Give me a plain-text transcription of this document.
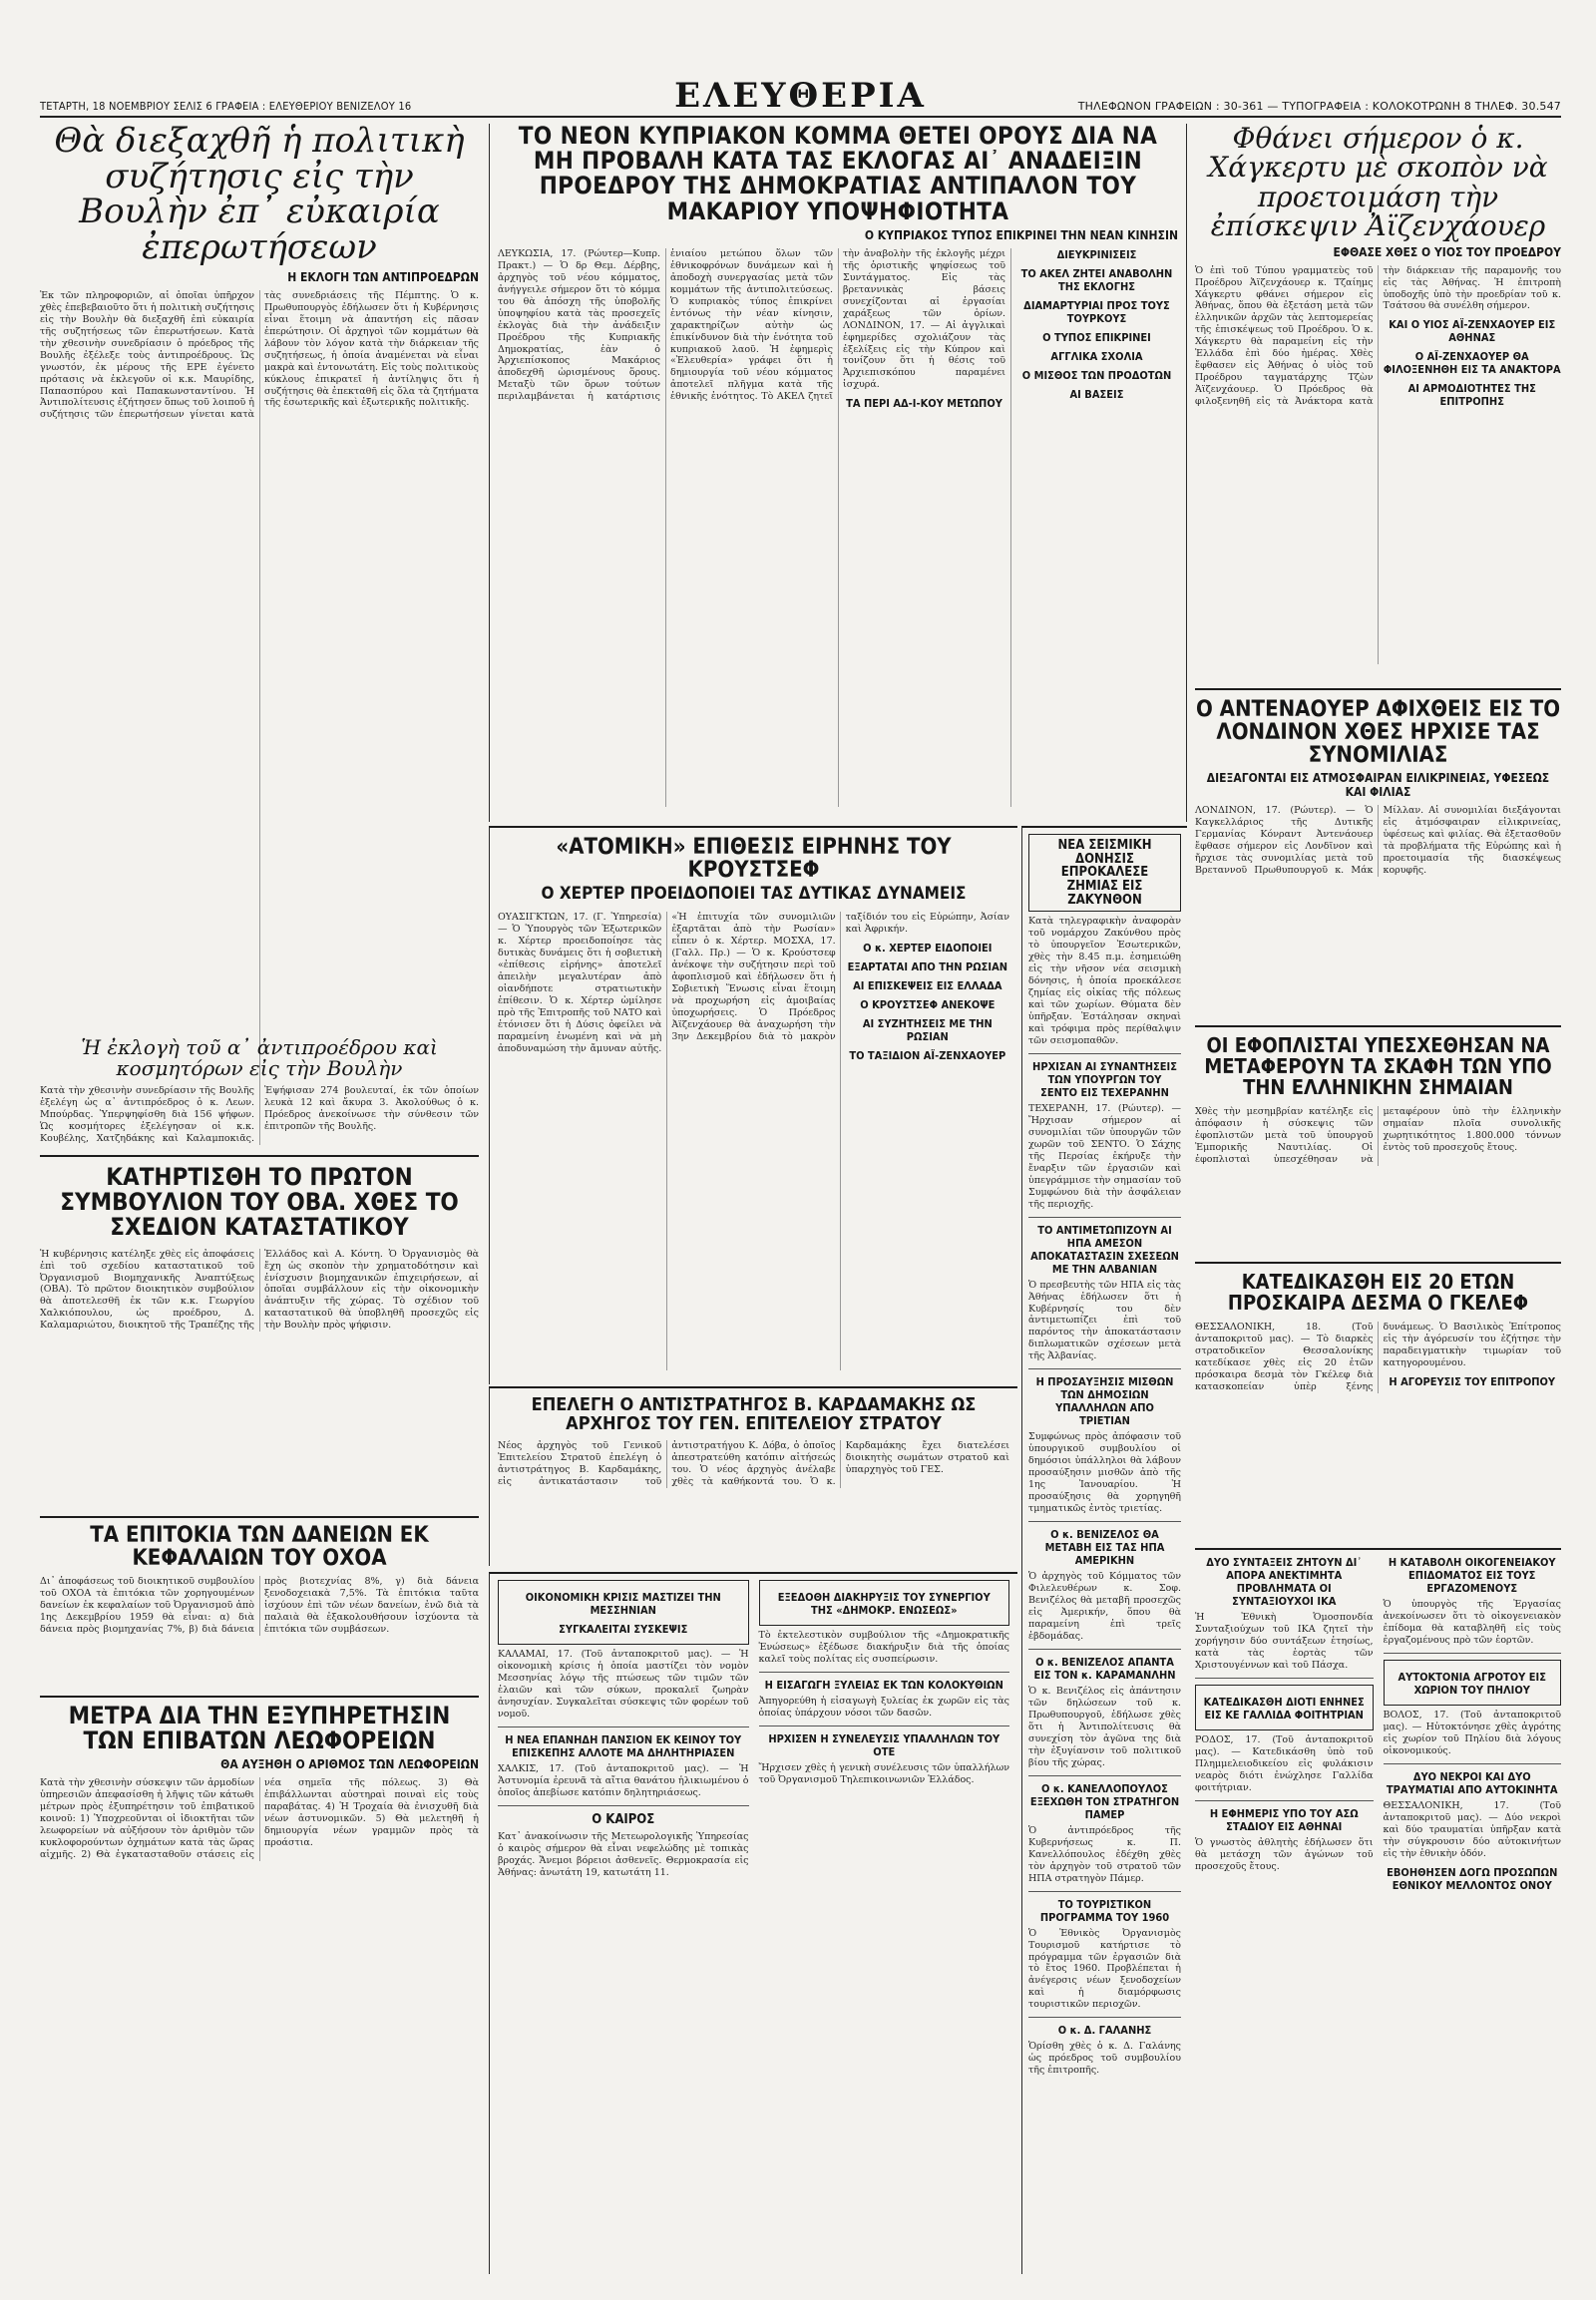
ΤΕΤΑΡΤΗ, 18 ΝΟΕΜΒΡΙΟΥ ΣΕΛΙΣ 6 ΓΡΑΦΕΙΑ : ΕΛΕΥΘΕΡΙΟΥ ΒΕΝΙΖΕΛΟΥ 16	ΕΛΕΥΘΕΡΙΑ	ΤΗΛΕΦΩΝΟΝ ΓΡΑΦΕΙΩΝ : 30-361 — ΤΥΠΟΓΡΑΦΕΙΑ : ΚΟΛΟΚΟΤΡΩΝΗ 8 ΤΗΛΕΦ. 30.547
Θὰ διεξαχθῆ ἡ πολιτικὴ συζήτησις εἰς τὴν Βουλὴν ἐπ᾽ εὐκαιρία ἐπερωτήσεων
Η ΕΚΛΟΓΗ ΤΩΝ ΑΝΤΙΠΡΟΕΔΡΩΝ

Ἐκ τῶν πληροφοριῶν, αἱ ὁποῖαι ὑπῆρχον χθὲς ἐπεβεβαιοῦτο ὅτι ἡ πολιτικὴ συζήτησις εἰς τὴν Βουλὴν θὰ διεξαχθῆ ἐπὶ εὐκαιρία τῆς συζητήσεως τῶν ἐπερωτήσεων. Κατὰ τὴν χθεσινὴν συνεδρίασιν ὁ πρόεδρος τῆς Βουλῆς ἐξέλεξε τοὺς ἀντιπροέδρους. Ὡς γνωστόν, ἐκ μέρους τῆς ΕΡΕ ἐγένετο πρότασις νὰ ἐκλεγοῦν οἱ κ.κ. Μαυρίδης, Παπασπύρου καὶ Παπακωνσταντίνου. Ἡ Ἀντιπολίτευσις ἐζήτησεν ὅπως τοῦ λοιποῦ ἡ συζήτησις τῶν ἐπερωτήσεων γίνεται κατὰ τὰς συνεδριάσεις τῆς Πέμπτης. Ὁ κ. Πρωθυπουργὸς ἐδήλωσεν ὅτι ἡ Κυβέρνησις εἶναι ἕτοιμη νὰ ἀπαντήση εἰς πᾶσαν ἐπερώτησιν. Οἱ ἀρχηγοὶ τῶν κομμάτων θὰ λάβουν τὸν λόγον κατὰ τὴν διάρκειαν τῆς συζητήσεως, ἡ ὁποία ἀναμένεται νὰ εἶναι μακρὰ καὶ ἐντονωτάτη. Εἰς τοὺς πολιτικοὺς κύκλους ἐπικρατεῖ ἡ ἀντίληψις ὅτι ἡ συζήτησις θὰ ἐπεκταθῆ εἰς ὅλα τὰ ζητήματα τῆς ἐσωτερικῆς καὶ ἐξωτερικῆς πολιτικῆς.

Ἡ ἐκλογὴ τοῦ α᾽ ἀντιπροέδρου καὶ κοσμητόρων εἰς τὴν Βουλὴν

Κατὰ τὴν χθεσινὴν συνεδρίασιν τῆς Βουλῆς ἐξελέγη ὡς α᾽ ἀντιπρόεδρος ὁ κ. Λεων. Μπούρδας. Ὑπερψηφίσθη διὰ 156 ψήφων. Ὡς κοσμήτορες ἐξελέγησαν οἱ κ.κ. Κουβέλης, Χατζηδάκης καὶ Καλαμποκιᾶς. Ἐψήφισαν 274 βουλευταί, ἐκ τῶν ὁποίων λευκὰ 12 καὶ ἄκυρα 3. Ἀκολούθως ὁ κ. Πρόεδρος ἀνεκοίνωσε τὴν σύνθεσιν τῶν ἐπιτροπῶν τῆς Βουλῆς.

ΚΑΤΗΡΤΙΣΘΗ ΤΟ ΠΡΩΤΟΝ ΣΥΜΒΟΥΛΙΟΝ ΤΟΥ ΟΒΑ. ΧΘΕΣ ΤΟ ΣΧΕΔΙΟΝ ΚΑΤΑΣΤΑΤΙΚΟΥ

Ἡ κυβέρνησις κατέληξε χθὲς εἰς ἀποφάσεις ἐπὶ τοῦ σχεδίου καταστατικοῦ τοῦ Ὀργανισμοῦ Βιομηχανικῆς Ἀναπτύξεως (ΟΒΑ). Τὸ πρῶτον διοικητικὸν συμβούλιον θὰ ἀποτελεσθῆ ἐκ τῶν κ.κ. Γεωργίου Χαλκιόπουλου, ὡς προέδρου, Δ. Καλαμαριώτου, διοικητοῦ τῆς Τραπέζης τῆς Ἑλλάδος καὶ Α. Κόντη. Ὁ Ὀργανισμὸς θὰ ἔχη ὡς σκοπὸν τὴν χρηματοδότησιν καὶ ἐνίσχυσιν βιομηχανικῶν ἐπιχειρήσεων, αἱ ὁποῖαι συμβάλλουν εἰς τὴν οἰκονομικὴν ἀνάπτυξιν τῆς χώρας. Τὸ σχέδιον τοῦ καταστατικοῦ θὰ ὑποβληθῆ προσεχῶς εἰς τὴν Βουλὴν πρὸς ψήφισιν.

ΤΑ ΕΠΙΤΟΚΙΑ ΤΩΝ ΔΑΝΕΙΩΝ ΕΚ ΚΕΦΑΛΑΙΩΝ ΤΟΥ ΟΧΟΑ

Δι᾽ ἀποφάσεως τοῦ διοικητικοῦ συμβουλίου τοῦ ΟΧΟΑ τὰ ἐπιτόκια τῶν χορηγουμένων δανείων ἐκ κεφαλαίων τοῦ Ὀργανισμοῦ ἀπὸ 1ης Δεκεμβρίου 1959 θὰ εἶναι: α) διὰ δάνεια πρὸς βιομηχανίας 7%, β) διὰ δάνεια πρὸς βιοτεχνίας 8%, γ) διὰ δάνεια ξενοδοχειακὰ 7,5%. Τὰ ἐπιτόκια ταῦτα ἰσχύουν ἐπὶ τῶν νέων δανείων, ἐνῶ διὰ τὰ παλαιὰ θὰ ἐξακολουθήσουν ἰσχύοντα τὰ ἐπιτόκια τῶν συμβάσεων.

ΜΕΤΡΑ ΔΙΑ ΤΗΝ ΕΞΥΠΗΡΕΤΗΣΙΝ ΤΩΝ ΕΠΙΒΑΤΩΝ ΛΕΩΦΟΡΕΙΩΝ
ΘΑ ΑΥΞΗΘΗ Ο ΑΡΙΘΜΟΣ ΤΩΝ ΛΕΩΦΟΡΕΙΩΝ

Κατὰ τὴν χθεσινὴν σύσκεψιν τῶν ἁρμοδίων ὑπηρεσιῶν ἀπεφασίσθη ἡ λῆψις τῶν κάτωθι μέτρων πρὸς ἐξυπηρέτησιν τοῦ ἐπιβατικοῦ κοινοῦ: 1) Ὑποχρεοῦνται οἱ ἰδιοκτῆται τῶν λεωφορείων νὰ αὐξήσουν τὸν ἀριθμὸν τῶν κυκλοφορούντων ὀχημάτων κατὰ τὰς ὥρας αἰχμῆς. 2) Θὰ ἐγκατασταθοῦν στάσεις εἰς νέα σημεῖα τῆς πόλεως. 3) Θὰ ἐπιβάλλωνται αὐστηραὶ ποιναὶ εἰς τοὺς παραβάτας. 4) Ἡ Τροχαία θὰ ἐνισχυθῆ διὰ νέων ἀστυνομικῶν. 5) Θὰ μελετηθῆ ἡ δημιουργία νέων γραμμῶν πρὸς τὰ προάστια.

ΤΟ ΝΕΟΝ ΚΥΠΡΙΑΚΟΝ ΚΟΜΜΑ ΘΕΤΕΙ ΟΡΟΥΣ ΔΙΑ ΝΑ ΜΗ ΠΡΟΒΑΛΗ ΚΑΤΑ ΤΑΣ ΕΚΛΟΓΑΣ ΑΙ᾽ ΑΝΑΔΕΙΞΙΝ ΠΡΟΕΔΡΟΥ ΤΗΣ ΔΗΜΟΚΡΑΤΙΑΣ ΑΝΤΙΠΑΛΟΝ ΤΟΥ ΜΑΚΑΡΙΟΥ ΥΠΟΨΗΦΙΟΤΗΤΑ
Ο ΚΥΠΡΙΑΚΟΣ ΤΥΠΟΣ ΕΠΙΚΡΙΝΕΙ ΤΗΝ ΝΕΑΝ ΚΙΝΗΣΙΝ

ΛΕΥΚΩΣΙΑ, 17. (Ρώυτερ—Κυπρ. Πρακτ.) — Ὁ δρ Θεμ. Δέρβης, ἀρχηγὸς τοῦ νέου κόμματος, ἀνήγγειλε σήμερον ὅτι τὸ κόμμα του θὰ ἀπόσχη τῆς ὑποβολῆς ὑποψηφίου κατὰ τὰς προσεχεῖς ἐκλογὰς διὰ τὴν ἀνάδειξιν Προέδρου τῆς Κυπριακῆς Δημοκρατίας, ἐὰν ὁ Ἀρχιεπίσκοπος Μακάριος ἀποδεχθῆ ὡρισμένους ὅρους. Μεταξὺ τῶν ὅρων τούτων περιλαμβάνεται ἡ κατάρτισις ἑνιαίου μετώπου ὅλων τῶν ἐθνικοφρόνων δυνάμεων καὶ ἡ ἀποδοχὴ συνεργασίας μετὰ τῶν κομμάτων τῆς ἀντιπολιτεύσεως. Ὁ κυπριακὸς τύπος ἐπικρίνει ἐντόνως τὴν νέαν κίνησιν, χαρακτηρίζων αὐτὴν ὡς ἐπικίνδυνον διὰ τὴν ἑνότητα τοῦ κυπριακοῦ λαοῦ. Ἡ ἐφημερὶς «Ἐλευθερία» γράφει ὅτι ἡ δημιουργία τοῦ νέου κόμματος ἀποτελεῖ πλῆγμα κατὰ τῆς ἐθνικῆς ἑνότητος. Τὸ ΑΚΕΛ ζητεῖ τὴν ἀναβολὴν τῆς ἐκλογῆς μέχρι τῆς ὁριστικῆς ψηφίσεως τοῦ Συντάγματος. Εἰς τὰς βρεταννικὰς βάσεις συνεχίζονται αἱ ἐργασίαι χαράξεως τῶν ὁρίων. ΛΟΝΔΙΝΟΝ, 17. — Αἱ ἀγγλικαὶ ἐφημερίδες σχολιάζουν τὰς ἐξελίξεις εἰς τὴν Κύπρον καὶ τονίζουν ὅτι ἡ θέσις τοῦ Ἀρχιεπισκόπου παραμένει ἰσχυρά.

ΤΑ ΠΕΡΙ ΑΔ-Ι-ΚΟΥ ΜΕΤΩΠΟΥ
ΔΙΕΥΚΡΙΝΙΣΕΙΣ
ΤΟ ΑΚΕΛ ΖΗΤΕΙ ΑΝΑΒΟΛΗΝ ΤΗΣ ΕΚΛΟΓΗΣ
ΔΙΑΜΑΡΤΥΡΙΑΙ ΠΡΟΣ ΤΟΥΣ ΤΟΥΡΚΟΥΣ
Ο ΤΥΠΟΣ ΕΠΙΚΡΙΝΕΙ
ΑΓΓΛΙΚΑ ΣΧΟΛΙΑ
Ο ΜΙΣΘΟΣ ΤΩΝ ΠΡΟΔΟΤΩΝ
ΑΙ ΒΑΣΕΙΣ
«ΑΤΟΜΙΚΗ» ΕΠΙΘΕΣΙΣ ΕΙΡΗΝΗΣ ΤΟΥ ΚΡΟΥΣΤΣΕΦ
Ο ΧΕΡΤΕΡ ΠΡΟΕΙΔΟΠΟΙΕΙ ΤΑΣ ΔΥΤΙΚΑΣ ΔΥΝΑΜΕΙΣ

ΟΥΑΣΙΓΚΤΩΝ, 17. (Γ. Ὑπηρεσία) — Ὁ Ὑπουργὸς τῶν Ἐξωτερικῶν κ. Χέρτερ προειδοποίησε τὰς δυτικὰς δυνάμεις ὅτι ἡ σοβιετικὴ «ἐπίθεσις εἰρήνης» ἀποτελεῖ ἀπειλὴν μεγαλυτέραν ἀπὸ οἱανδήποτε στρατιωτικὴν ἐπίθεσιν. Ὁ κ. Χέρτερ ὡμίλησε πρὸ τῆς Ἐπιτροπῆς τοῦ ΝΑΤΟ καὶ ἐτόνισεν ὅτι ἡ Δύσις ὀφείλει νὰ παραμείνη ἑνωμένη καὶ νὰ μὴ ἀποδυναμώση τὴν ἄμυναν αὐτῆς. «Ἡ ἐπιτυχία τῶν συνομιλιῶν ἐξαρτᾶται ἀπὸ τὴν Ρωσίαν» εἶπεν ὁ κ. Χέρτερ. ΜΟΣΧΑ, 17. (Γαλλ. Πρ.) — Ὁ κ. Κρούστσεφ ἀνέκοψε τὴν συζήτησιν περὶ τοῦ ἀφοπλισμοῦ καὶ ἐδήλωσεν ὅτι ἡ Σοβιετικὴ Ἕνωσις εἶναι ἕτοιμη νὰ προχωρήση εἰς ἀμοιβαίας ὑποχωρήσεις. Ὁ Πρόεδρος Ἀϊζενχάουερ θὰ ἀναχωρήση τὴν 3ην Δεκεμβρίου διὰ τὸ μακρὸν ταξίδιόν του εἰς Εὐρώπην, Ἀσίαν καὶ Ἀφρικήν.

Ο κ. ΧΕΡΤΕΡ ΕΙΔΟΠΟΙΕΙ
ΕΞΑΡΤΑΤΑΙ ΑΠΟ ΤΗΝ ΡΩΣΙΑΝ
ΑΙ ΕΠΙΣΚΕΨΕΙΣ ΕΙΣ ΕΛΛΑΔΑ
Ο ΚΡΟΥΣΤΣΕΦ ΑΝΕΚΟΨΕ
ΑΙ ΣΥΖΗΤΗΣΕΙΣ ΜΕ ΤΗΝ ΡΩΣΙΑΝ
ΤΟ ΤΑΞΙΔΙΟΝ ΑΪ-ΖΕΝΧΑΟΥΕΡ
ΕΠΕΛΕΓΗ Ο ΑΝΤΙΣΤΡΑΤΗΓΟΣ Β. ΚΑΡΔΑΜΑΚΗΣ ΩΣ ΑΡΧΗΓΟΣ ΤΟΥ ΓΕΝ. ΕΠΙΤΕΛΕΙΟΥ ΣΤΡΑΤΟΥ

Νέος ἀρχηγὸς τοῦ Γενικοῦ Ἐπιτελείου Στρατοῦ ἐπελέγη ὁ ἀντιστράτηγος Β. Καρδαμάκης, εἰς ἀντικατάστασιν τοῦ ἀντιστρατήγου Κ. Δόβα, ὁ ὁποῖος ἀπεστρατεύθη κατόπιν αἰτήσεώς του. Ὁ νέος ἀρχηγὸς ἀνέλαβε χθὲς τὰ καθήκοντά του. Ὁ κ. Καρδαμάκης ἔχει διατελέσει διοικητὴς σωμάτων στρατοῦ καὶ ὑπαρχηγὸς τοῦ ΓΕΣ.

ΟΙΚΟΝΟΜΙΚΗ ΚΡΙΣΙΣ ΜΑΣΤΙΖΕΙ ΤΗΝ ΜΕΣΣΗΝΙΑΝ
ΣΥΓΚΑΛΕΙΤΑΙ ΣΥΣΚΕΨΙΣ

ΚΑΛΑΜΑΙ, 17. (Τοῦ ἀνταποκριτοῦ μας). — Ἡ οἰκονομικὴ κρίσις ἡ ὁποία μαστίζει τὸν νομὸν Μεσσηνίας λόγῳ τῆς πτώσεως τῶν τιμῶν τῶν ἐλαιῶν καὶ τῶν σύκων, προκαλεῖ ζωηρὰν ἀνησυχίαν. Συγκαλεῖται σύσκεψις τῶν φορέων τοῦ νομοῦ.

Η ΝΕΑ ΕΠΑΝΗΔΗ ΠΑΝΣΙΟΝ ΕΚ ΚΕΙΝΟΥ ΤΟΥ ΕΠΙΣΚΕΠΗΣ ΑΛΛΟΤΕ ΜΑ ΔΗΛΗΤΗΡΙΑΣΕΝ

ΧΑΛΚΙΣ, 17. (Τοῦ ἀνταποκριτοῦ μας). — Ἡ Ἀστυνομία ἐρευνᾶ τὰ αἴτια θανάτου ἡλικιωμένου ὁ ὁποῖος ἀπεβίωσε κατόπιν δηλητηριάσεως.

Ο ΚΑΙΡΟΣ

Κατ᾽ ἀνακοίνωσιν τῆς Μετεωρολογικῆς Ὑπηρεσίας ὁ καιρὸς σήμερον θὰ εἶναι νεφελώδης μὲ τοπικὰς βροχάς. Ἄνεμοι βόρειοι ἀσθενεῖς. Θερμοκρασία εἰς Ἀθήνας: ἀνωτάτη 19, κατωτάτη 11.

ΕΞΕΔΟΘΗ ΔΙΑΚΗΡΥΞΙΣ ΤΟΥ ΣΥΝΕΡΓΙΟΥ ΤΗΣ «ΔΗΜΟΚΡ. ΕΝΩΣΕΩΣ»

Τὸ ἐκτελεστικὸν συμβούλιον τῆς «Δημοκρατικῆς Ἑνώσεως» ἐξέδωσε διακήρυξιν διὰ τῆς ὁποίας καλεῖ τοὺς πολίτας εἰς συσπείρωσιν.

Η ΕΙΣΑΓΩΓΗ ΞΥΛΕΙΑΣ ΕΚ ΤΩΝ ΚΟΛΟΚΥΘΙΩΝ

Ἀπηγορεύθη ἡ εἰσαγωγὴ ξυλείας ἐκ χωρῶν εἰς τὰς ὁποίας ὑπάρχουν νόσοι τῶν δασῶν.

ΗΡΧΙΣΕΝ Η ΣΥΝΕΛΕΥΣΙΣ ΥΠΑΛΛΗΛΩΝ ΤΟΥ ΟΤΕ

Ἤρχισεν χθὲς ἡ γενικὴ συνέλευσις τῶν ὑπαλλήλων τοῦ Ὀργανισμοῦ Τηλεπικοινωνιῶν Ἑλλάδος.

ΝΕΑ ΣΕΙΣΜΙΚΗ ΔΟΝΗΣΙΣ ΕΠΡΟΚΑΛΕΣΕ ΖΗΜΙΑΣ ΕΙΣ ΖΑΚΥΝΘΟΝ

Κατὰ τηλεγραφικὴν ἀναφορὰν τοῦ νομάρχου Ζακύνθου πρὸς τὸ ὑπουργεῖον Ἐσωτερικῶν, χθὲς τὴν 8.45 π.μ. ἐσημειώθη εἰς τὴν νῆσον νέα σεισμικὴ δόνησις, ἡ ὁποία προεκάλεσε ζημίας εἰς οἰκίας τῆς πόλεως καὶ τῶν χωρίων. Θύματα δὲν ὑπῆρξαν. Ἐστάλησαν σκηναὶ καὶ τρόφιμα πρὸς περίθαλψιν τῶν σεισμοπαθῶν.

ΗΡΧΙΣΑΝ ΑΙ ΣΥΝΑΝΤΗΣΕΙΣ ΤΩΝ ΥΠΟΥΡΓΩΝ ΤΟΥ ΣΕΝΤΟ ΕΙΣ ΤΕΧΕΡΑΝΗΝ

ΤΕΧΕΡΑΝΗ, 17. (Ρώυτερ). — Ἤρχισαν σήμερον αἱ συνομιλίαι τῶν ὑπουργῶν τῶν χωρῶν τοῦ ΣΕΝΤΟ. Ὁ Σάχης τῆς Περσίας ἐκήρυξε τὴν ἔναρξιν τῶν ἐργασιῶν καὶ ὑπεγράμμισε τὴν σημασίαν τοῦ Συμφώνου διὰ τὴν ἀσφάλειαν τῆς περιοχῆς.

ΤΟ ΑΝΤΙΜΕΤΩΠΙΖΟΥΝ ΑΙ ΗΠΑ ΑΜΕΣΟΝ ΑΠΟΚΑΤΑΣΤΑΣΙΝ ΣΧΕΣΕΩΝ ΜΕ ΤΗΝ ΑΛΒΑΝΙΑΝ

Ὁ πρεσβευτὴς τῶν ΗΠΑ εἰς τὰς Ἀθήνας ἐδήλωσεν ὅτι ἡ Κυβέρνησίς του δὲν ἀντιμετωπίζει ἐπὶ τοῦ παρόντος τὴν ἀποκατάστασιν διπλωματικῶν σχέσεων μετὰ τῆς Ἀλβανίας.

Η ΠΡΟΣΑΥΞΗΣΙΣ ΜΙΣΘΩΝ ΤΩΝ ΔΗΜΟΣΙΩΝ ΥΠΑΛΛΗΛΩΝ ΑΠΟ ΤΡΙΕΤΙΑΝ

Συμφώνως πρὸς ἀπόφασιν τοῦ ὑπουργικοῦ συμβουλίου οἱ δημόσιοι ὑπάλληλοι θὰ λάβουν προσαύξησιν μισθῶν ἀπὸ τῆς 1ης Ἰανουαρίου. Ἡ προσαύξησις θὰ χορηγηθῆ τμηματικῶς ἐντὸς τριετίας.

Ο κ. ΒΕΝΙΖΕΛΟΣ ΘΑ ΜΕΤΑΒΗ ΕΙΣ ΤΑΣ ΗΠΑ ΑΜΕΡΙΚΗΝ

Ὁ ἀρχηγὸς τοῦ Κόμματος τῶν Φιλελευθέρων κ. Σοφ. Βενιζέλος θὰ μεταβῆ προσεχῶς εἰς Ἀμερικήν, ὅπου θὰ παραμείνη ἐπὶ τρεῖς ἑβδομάδας.

Ο κ. ΒΕΝΙΖΕΛΟΣ ΑΠΑΝΤΑ ΕΙΣ ΤΟΝ κ. ΚΑΡΑΜΑΝΛΗΝ

Ὁ κ. Βενιζέλος εἰς ἀπάντησιν τῶν δηλώσεων τοῦ κ. Πρωθυπουργοῦ, ἐδήλωσε χθὲς ὅτι ἡ Ἀντιπολίτευσις θὰ συνεχίση τὸν ἀγῶνα της διὰ τὴν ἐξυγίανσιν τοῦ πολιτικοῦ βίου τῆς χώρας.

Ο κ. ΚΑΝΕΛΛΟΠΟΥΛΟΣ ΕΞΕΧΩΘΗ ΤΟΝ ΣΤΡΑΤΗΓΟΝ ΠΑΜΕΡ

Ὁ ἀντιπρόεδρος τῆς Κυβερνήσεως κ. Π. Κανελλόπουλος ἐδέχθη χθὲς τὸν ἀρχηγὸν τοῦ στρατοῦ τῶν ΗΠΑ στρατηγὸν Πάμερ.

ΤΟ ΤΟΥΡΙΣΤΙΚΟΝ ΠΡΟΓΡΑΜΜΑ ΤΟΥ 1960

Ὁ Ἐθνικὸς Ὀργανισμὸς Τουρισμοῦ κατήρτισε τὸ πρόγραμμα τῶν ἐργασιῶν διὰ τὸ ἔτος 1960. Προβλέπεται ἡ ἀνέγερσις νέων ξενοδοχείων καὶ ἡ διαμόρφωσις τουριστικῶν περιοχῶν.

Ο κ. Δ. ΓΑΛΑΝΗΣ

Ὁρίσθη χθὲς ὁ κ. Δ. Γαλάνης ὡς πρόεδρος τοῦ συμβουλίου τῆς ἐπιτροπῆς.

Φθάνει σήμερον ὁ κ. Χάγκερτυ μὲ σκοπὸν νὰ προετοιμάση τὴν ἐπίσκεψιν Ἀϊζενχάουερ
ΕΦΘΑΣΕ ΧΘΕΣ Ο ΥΙΟΣ ΤΟΥ ΠΡΟΕΔΡΟΥ

Ὁ ἐπὶ τοῦ Τύπου γραμματεὺς τοῦ Προέδρου Ἀϊζενχάουερ κ. Τζαίημς Χάγκερτυ φθάνει σήμερον εἰς Ἀθήνας, ὅπου θὰ ἐξετάση μετὰ τῶν ἑλληνικῶν ἀρχῶν τὰς λεπτομερείας τῆς ἐπισκέψεως τοῦ Προέδρου. Ὁ κ. Χάγκερτυ θὰ παραμείνη εἰς τὴν Ἑλλάδα ἐπὶ δύο ἡμέρας. Χθὲς ἔφθασεν εἰς Ἀθήνας ὁ υἱὸς τοῦ Προέδρου ταγματάρχης Τζὼν Ἀϊζενχάουερ. Ὁ Πρόεδρος θὰ φιλοξενηθῆ εἰς τὰ Ἀνάκτορα κατὰ τὴν διάρκειαν τῆς παραμονῆς του εἰς τὰς Ἀθήνας. Ἡ ἐπιτροπὴ ὑποδοχῆς ὑπὸ τὴν προεδρίαν τοῦ κ. Τσάτσου θὰ συνέλθη σήμερον.

ΚΑΙ Ο ΥΙΟΣ ΑΪ-ΖΕΝΧΑΟΥΕΡ ΕΙΣ ΑΘΗΝΑΣ
Ο ΑΪ-ΖΕΝΧΑΟΥΕΡ ΘΑ ΦΙΛΟΞΕΝΗΘΗ ΕΙΣ ΤΑ ΑΝΑΚΤΟΡΑ
ΑΙ ΑΡΜΟΔΙΟΤΗΤΕΣ ΤΗΣ ΕΠΙΤΡΟΠΗΣ
Ο ΑΝΤΕΝΑΟΥΕΡ ΑΦΙΧΘΕΙΣ ΕΙΣ ΤΟ ΛΟΝΔΙΝΟΝ ΧΘΕΣ ΗΡΧΙΣΕ ΤΑΣ ΣΥΝΟΜΙΛΙΑΣ
ΔΙΕΞΑΓΟΝΤΑΙ ΕΙΣ ΑΤΜΟΣΦΑΙΡΑΝ ΕΙΛΙΚΡΙΝΕΙΑΣ, ΥΦΕΣΕΩΣ ΚΑΙ ΦΙΛΙΑΣ

ΛΟΝΔΙΝΟΝ, 17. (Ρώυτερ). — Ὁ Καγκελλάριος τῆς Δυτικῆς Γερμανίας Κόνραντ Ἀντενάουερ ἔφθασε σήμερον εἰς Λονδῖνον καὶ ἤρχισε τὰς συνομιλίας μετὰ τοῦ Βρεταννοῦ Πρωθυπουργοῦ κ. Μάκ Μίλλαν. Αἱ συνομιλίαι διεξάγονται εἰς ἀτμόσφαιραν εἰλικρινείας, ὑφέσεως καὶ φιλίας. Θὰ ἐξετασθοῦν τὰ προβλήματα τῆς Εὐρώπης καὶ ἡ προετοιμασία τῆς διασκέψεως κορυφῆς.

ΟΙ ΕΦΟΠΛΙΣΤΑΙ ΥΠΕΣΧΕΘΗΣΑΝ ΝΑ ΜΕΤΑΦΕΡΟΥΝ ΤΑ ΣΚΑΦΗ ΤΩΝ ΥΠΟ ΤΗΝ ΕΛΛΗΝΙΚΗΝ ΣΗΜΑΙΑΝ

Χθὲς τὴν μεσημβρίαν κατέληξε εἰς ἀπόφασιν ἡ σύσκεψις τῶν ἐφοπλιστῶν μετὰ τοῦ ὑπουργοῦ Ἐμπορικῆς Ναυτιλίας. Οἱ ἐφοπλισταὶ ὑπεσχέθησαν νὰ μεταφέρουν ὑπὸ τὴν ἑλληνικὴν σημαίαν πλοῖα συνολικῆς χωρητικότητος 1.800.000 τόννων ἐντὸς τοῦ προσεχοῦς ἔτους.

ΚΑΤΕΔΙΚΑΣΘΗ ΕΙΣ 20 ΕΤΩΝ ΠΡΟΣΚΑΙΡΑ ΔΕΣΜΑ Ο ΓΚΕΛΕΦ

ΘΕΣΣΑΛΟΝΙΚΗ, 18. (Τοῦ ἀνταποκριτοῦ μας). — Τὸ διαρκὲς στρατοδικεῖον Θεσσαλονίκης κατεδίκασε χθὲς εἰς 20 ἐτῶν πρόσκαιρα δεσμὰ τὸν Γκέλεφ διὰ κατασκοπείαν ὑπὲρ ξένης δυνάμεως. Ὁ Βασιλικὸς Ἐπίτροπος εἰς τὴν ἀγόρευσίν του ἐζήτησε τὴν παραδειγματικὴν τιμωρίαν τοῦ κατηγορουμένου.

Η ΑΓΟΡΕΥΣΙΣ ΤΟΥ ΕΠΙΤΡΟΠΟΥ
ΔΥΟ ΣΥΝΤΑΞΕΙΣ ΖΗΤΟΥΝ ΔΙ᾽ ΑΠΟΡΑ ΑΝΕΚΤΙΜΗΤΑ ΠΡΟΒΛΗΜΑΤΑ ΟΙ ΣΥΝΤΑΞΙΟΥΧΟΙ ΙΚΑ

Ἡ Ἐθνικὴ Ὁμοσπονδία Συνταξιούχων τοῦ ΙΚΑ ζητεῖ τὴν χορήγησιν δύο συντάξεων ἐτησίως, κατὰ τὰς ἑορτὰς τῶν Χριστουγέννων καὶ τοῦ Πάσχα.

ΚΑΤΕΔΙΚΑΣΘΗ ΔΙΟΤΙ ΕΝΗΝΕΣ ΕΙΣ ΚΕ ΓΑΛΛΙΔΑ ΦΟΙΤΗΤΡΙΑΝ

ΡΟΔΟΣ, 17. (Τοῦ ἀνταποκριτοῦ μας). — Κατεδικάσθη ὑπὸ τοῦ Πλημμελειοδικείου εἰς φυλάκισιν νεαρὸς διότι ἐνώχλησε Γαλλίδα φοιτήτριαν.

Η ΕΦΗΜΕΡΙΣ ΥΠΟ ΤΟΥ ΑΣΩ ΣΤΑΔΙΟΥ ΕΙΣ ΑΘΗΝΑΙ

Ὁ γνωστὸς ἀθλητὴς ἐδήλωσεν ὅτι θὰ μετάσχη τῶν ἀγώνων τοῦ προσεχοῦς ἔτους.

Η ΚΑΤΑΒΟΛΗ ΟΙΚΟΓΕΝΕΙΑΚΟΥ ΕΠΙΔΟΜΑΤΟΣ ΕΙΣ ΤΟΥΣ ΕΡΓΑΖΟΜΕΝΟΥΣ

Ὁ ὑπουργὸς τῆς Ἐργασίας ἀνεκοίνωσεν ὅτι τὸ οἰκογενειακὸν ἐπίδομα θὰ καταβληθῆ εἰς τοὺς ἐργαζομένους πρὸ τῶν ἑορτῶν.

ΑΥΤΟΚΤΟΝΙΑ ΑΓΡΟΤΟΥ ΕΙΣ ΧΩΡΙΟΝ ΤΟΥ ΠΗΛΙΟΥ

ΒΟΛΟΣ, 17. (Τοῦ ἀνταποκριτοῦ μας). — Ηὐτοκτόνησε χθὲς ἀγρότης εἰς χωρίον τοῦ Πηλίου διὰ λόγους οἰκονομικούς.

ΔΥΟ ΝΕΚΡΟΙ ΚΑΙ ΔΥΟ ΤΡΑΥΜΑΤΙΑΙ ΑΠΟ ΑΥΤΟΚΙΝΗΤΑ

ΘΕΣΣΑΛΟΝΙΚΗ, 17. (Τοῦ ἀνταποκριτοῦ μας). — Δύο νεκροὶ καὶ δύο τραυματίαι ὑπῆρξαν κατὰ τὴν σύγκρουσιν δύο αὐτοκινήτων εἰς τὴν ἐθνικὴν ὁδόν.

ΕΒΟΗΘΗΣΕΝ ΔΟΓΩ ΠΡΟΣΩΠΩΝ ΕΘΝΙΚΟΥ ΜΕΛΛΟΝΤΟΣ ΟΝΟΥ
